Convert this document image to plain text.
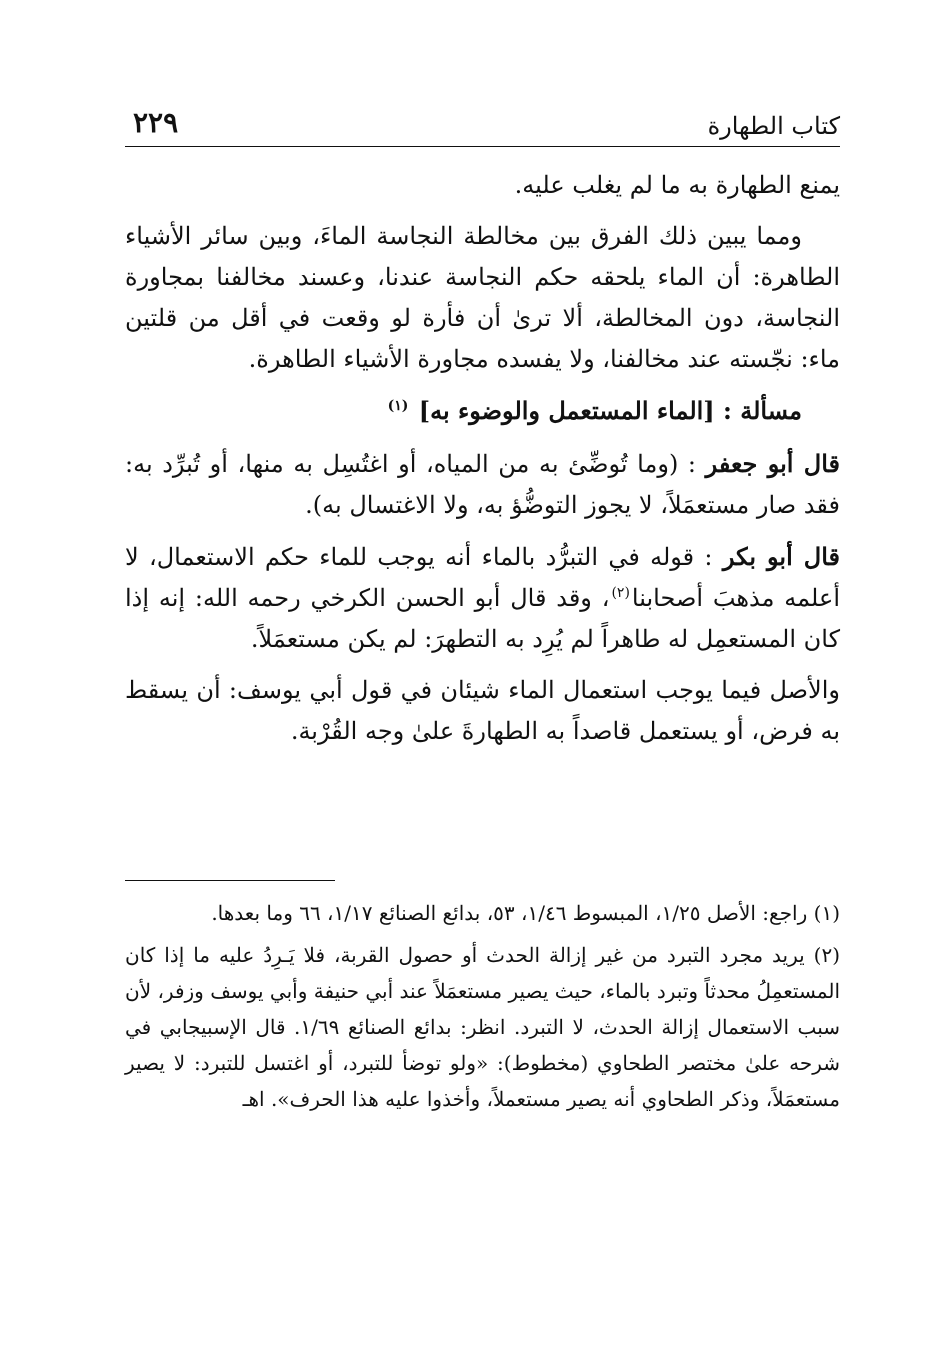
كتاب الطهارة
٢٢٩

يمنع الطهارة به ما لم يغلب عليه.

ومما يبين ذلك الفرق بين مخالطة النجاسة الماءَ، وبين سائر الأشياء الطاهرة: أن الماء يلحقه حكم النجاسة عندنا، وعسند مخالفنا بمجاورة النجاسة، دون المخالطة، ألا ترىٰ أن فأرة لو وقعت في أقل من قلتين ماء: نجّسته عند مخالفنا، ولا يفسده مجاورة الأشياء الطاهرة.

مسألة : [الماء المستعمل والوضوء به] $^{(١)}$

قال أبو جعفر : (وما تُوضِّئ به من المياه، أو اغتُسِل به منها، أو تُبرِّد به: فقد صار مستعمَلاً، لا يجوز التوضُّؤ به، ولا الاغتسال به).

قال أبو بكر : قوله في التبرُّد بالماء أنه يوجب للماء حكم الاستعمال، لا أعلمه مذهبَ أصحابنا$^{(٢)}$، وقد قال أبو الحسن الكرخي رحمه الله: إنه إذا كان المستعمِل له طاهراً لم يُرِد به التطهرَ: لم يكن مستعمَلاً.

والأصل فيما يوجب استعمال الماء شيئان في قول أبي يوسف: أن يسقط به فرض، أو يستعمل قاصداً به الطهارةَ علىٰ وجه القُرْبة.

(١) راجع: الأصل ١/٢٥، المبسوط ١/٤٦، ٥٣، بدائع الصنائع ١/١٧، ٦٦ وما بعدها.

(٢) يريد مجرد التبرد من غير إزالة الحدث أو حصول القربة، فلا يَـرِدُ عليه ما إذا كان المستعمِلُ محدثاً وتبرد بالماء، حيث يصير مستعمَلاً عند أبي حنيفة وأبي يوسف وزفر، لأن سبب الاستعمال إزالة الحدث، لا التبرد. انظر: بدائع الصنائع ١/٦٩. قال الإسبيجابي في شرحه علىٰ مختصر الطحاوي (مخطوط): «ولو توضأ للتبرد، أو اغتسل للتبرد: لا يصير مستعمَلاً، وذكر الطحاوي أنه يصير مستعملاً، وأخذوا عليه هذا الحرف». اهـ
